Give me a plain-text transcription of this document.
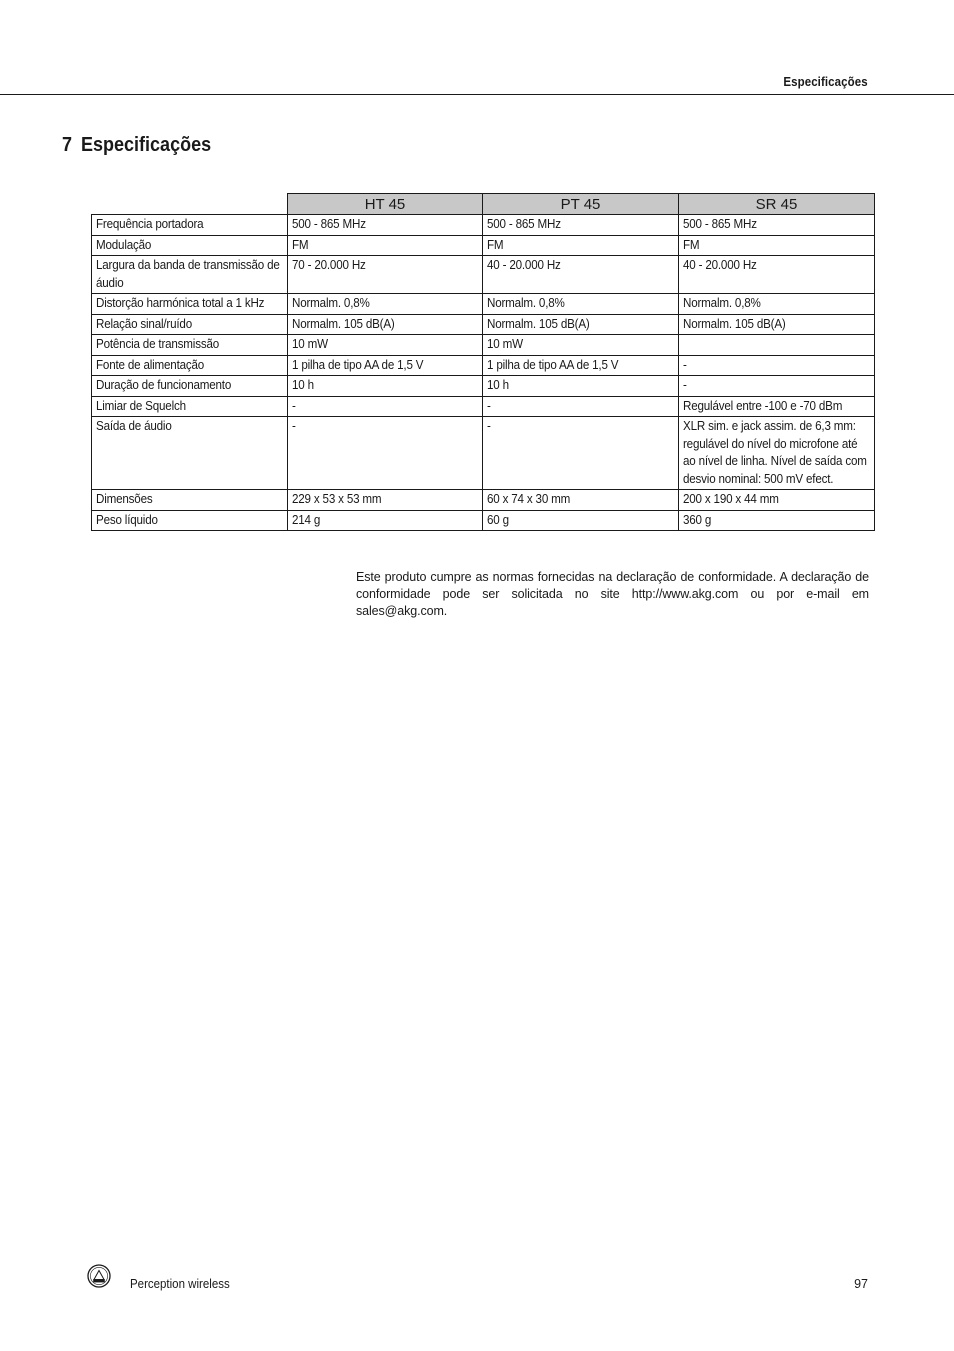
Especificações
7 Especificações
	HT 45	PT 45	SR 45

Frequência portadora	500 - 865 MHz	500 - 865 MHz	500 - 865 MHz

Modulação	FM	FM	FM

Largura da banda de transmissão de áudio	70 - 20.000 Hz	40 - 20.000 Hz	40 - 20.000 Hz

Distorção harmónica total a 1 kHz	Normalm. 0,8%	Normalm. 0,8%	Normalm. 0,8%

Relação sinal/ruído	Normalm. 105 dB(A)	Normalm. 105 dB(A)	Normalm. 105 dB(A)

Potência de transmissão	10 mW	10 mW	

Fonte de alimentação	1 pilha de tipo AA de 1,5 V	1 pilha de tipo AA de 1,5 V	-

Duração de funcionamento	10 h	10 h	-

Limiar de Squelch	-	-	Regulável entre -100 e -70 dBm

Saída de áudio	-	-	XLR sim. e jack assim. de 6,3 mm: regulável do nível do microfone até ao nível de linha. Nível de saída com desvio nominal: 500 mV efect.

Dimensões	229 x 53 x 53 mm	60 x 74 x 30 mm	200 x 190 x 44 mm

Peso líquido	214 g	60 g	360 g
Este produto cumpre as normas fornecidas na declaração de conformidade. A declaração de conformidade pode ser solicitada no site http://www.akg.com ou por e-mail em sales@akg.com.
Perception wireless	97
